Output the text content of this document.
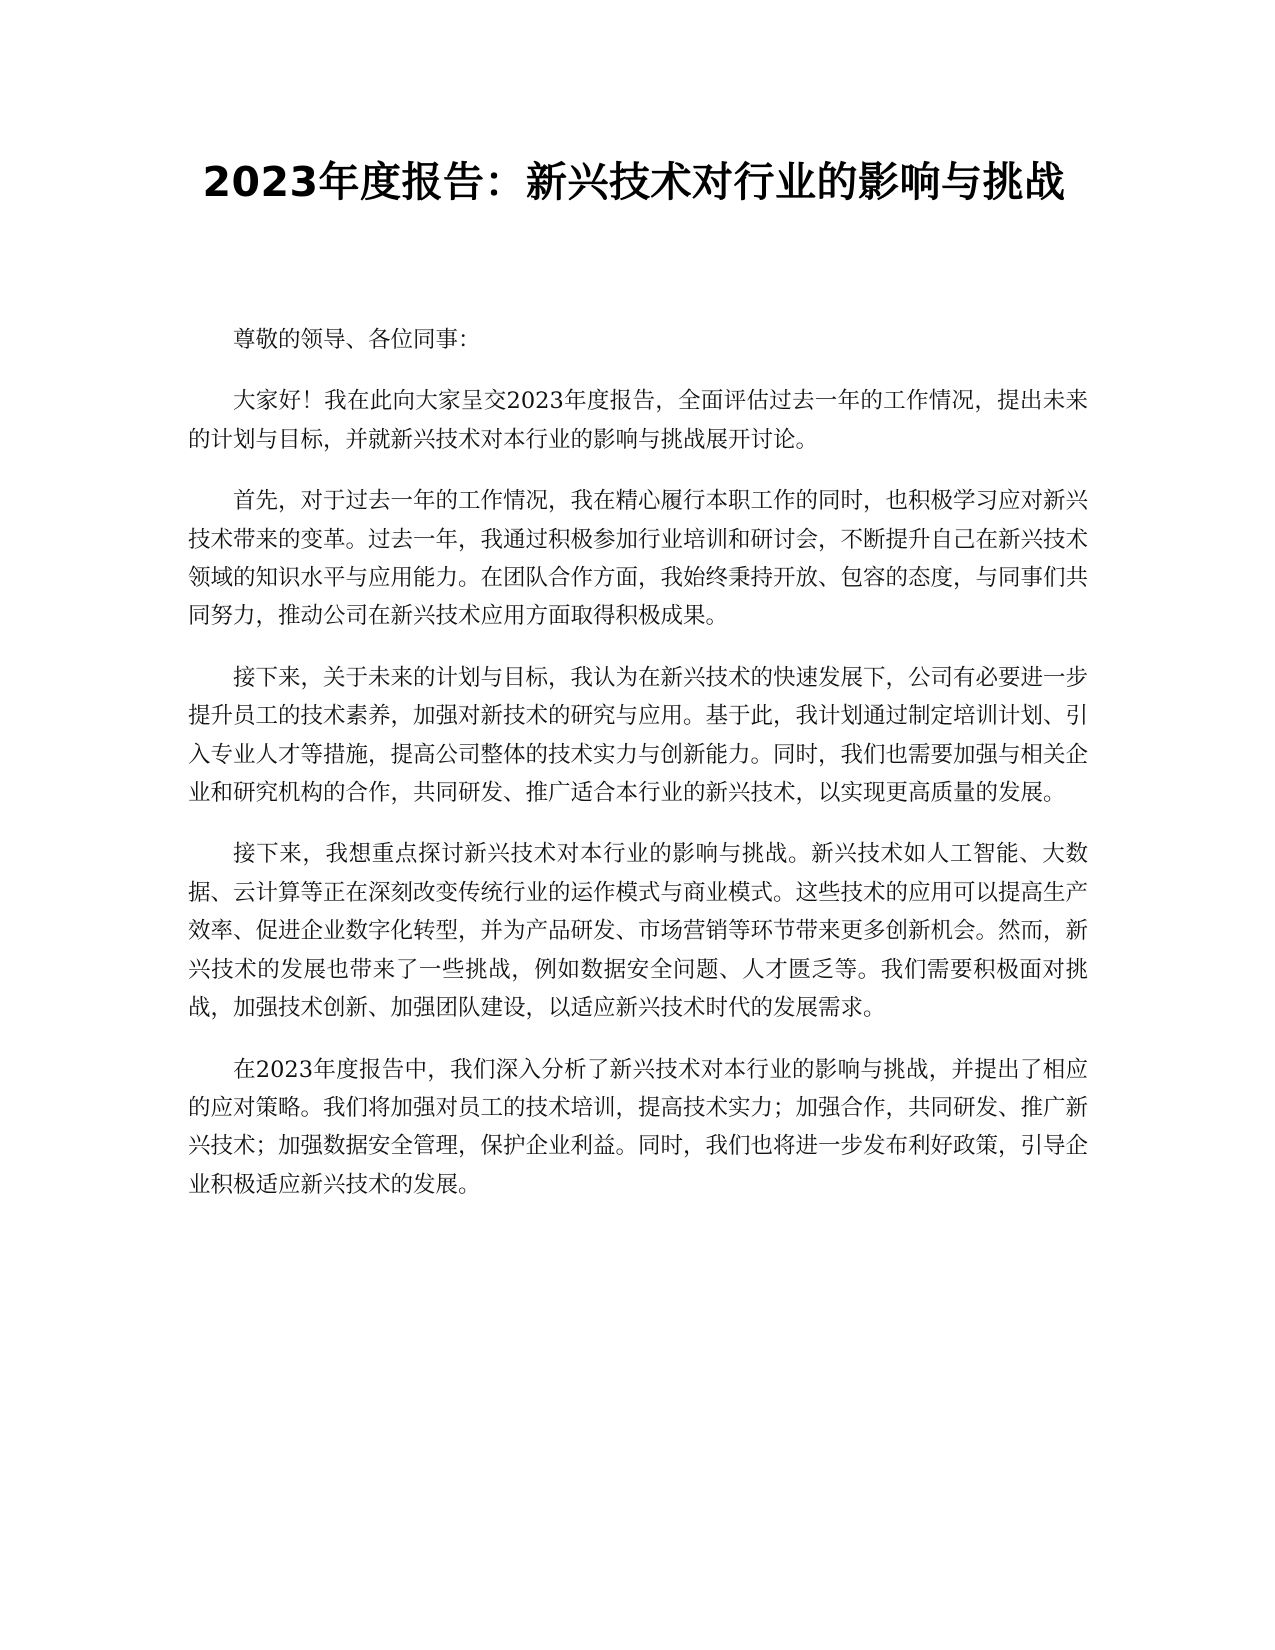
2023年度报告：新兴技术对行业的影响与挑战

尊敬的领导、各位同事：

大家好！我在此向大家呈交2023年度报告，全面评估过去一年的工作情况，提出未来的计划与目标，并就新兴技术对本行业的影响与挑战展开讨论。

首先，对于过去一年的工作情况，我在精心履行本职工作的同时，也积极学习应对新兴技术带来的变革。过去一年，我通过积极参加行业培训和研讨会，不断提升自己在新兴技术领域的知识水平与应用能力。在团队合作方面，我始终秉持开放、包容的态度，与同事们共同努力，推动公司在新兴技术应用方面取得积极成果。

接下来，关于未来的计划与目标，我认为在新兴技术的快速发展下，公司有必要进一步提升员工的技术素养，加强对新技术的研究与应用。基于此，我计划通过制定培训计划、引入专业人才等措施，提高公司整体的技术实力与创新能力。同时，我们也需要加强与相关企业和研究机构的合作，共同研发、推广适合本行业的新兴技术，以实现更高质量的发展。

接下来，我想重点探讨新兴技术对本行业的影响与挑战。新兴技术如人工智能、大数据、云计算等正在深刻改变传统行业的运作模式与商业模式。这些技术的应用可以提高生产效率、促进企业数字化转型，并为产品研发、市场营销等环节带来更多创新机会。然而，新兴技术的发展也带来了一些挑战，例如数据安全问题、人才匮乏等。我们需要积极面对挑战，加强技术创新、加强团队建设，以适应新兴技术时代的发展需求。

在2023年度报告中，我们深入分析了新兴技术对本行业的影响与挑战，并提出了相应的应对策略。我们将加强对员工的技术培训，提高技术实力；加强合作，共同研发、推广新兴技术；加强数据安全管理，保护企业利益。同时，我们也将进一步发布利好政策，引导企业积极适应新兴技术的发展。
